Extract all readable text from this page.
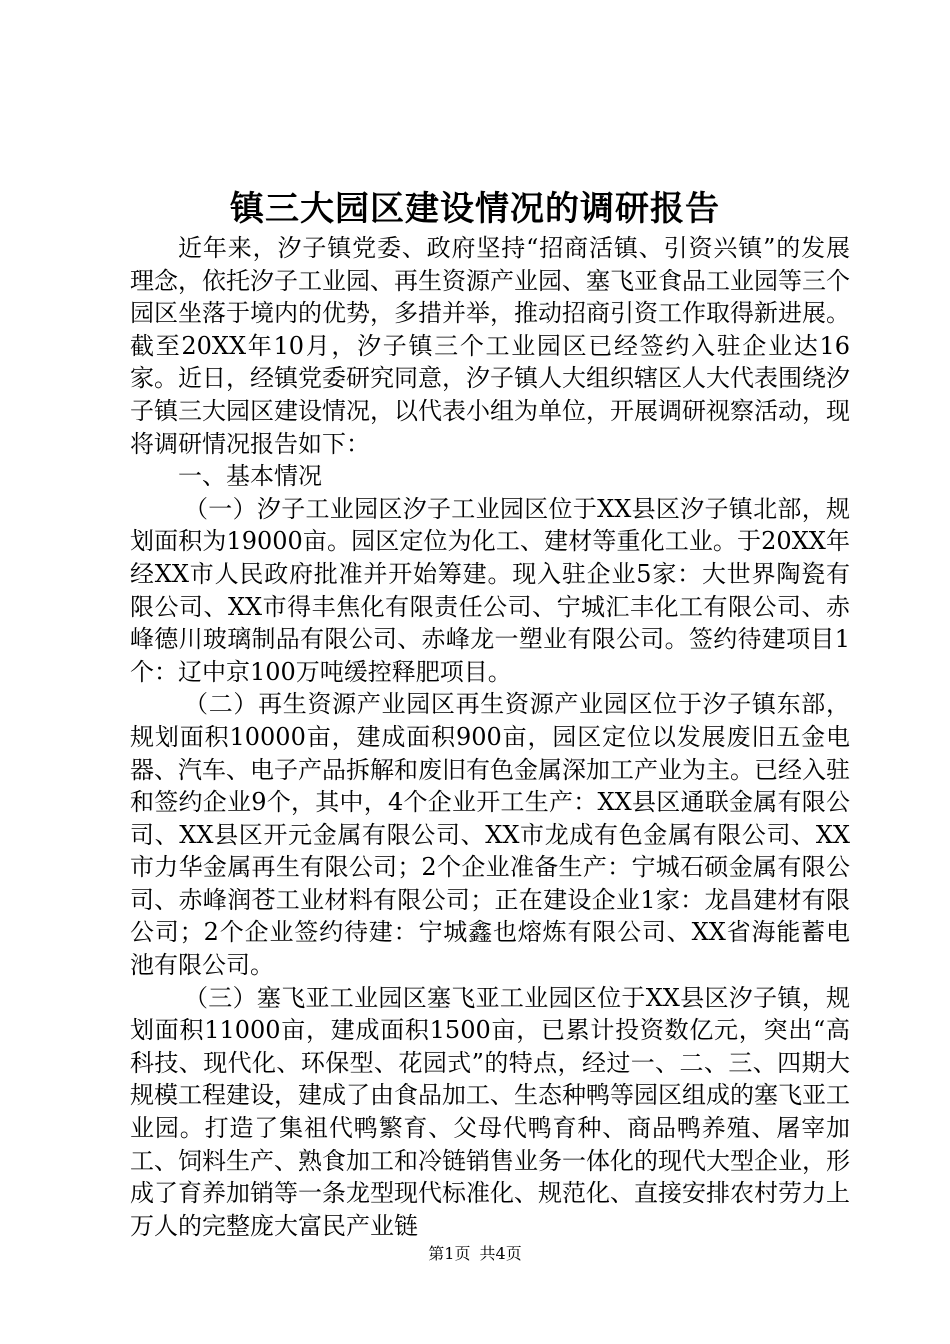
镇三大园区建设情况的调研报告

近年来，汐子镇党委、政府坚持“招商活镇、引资兴镇”的发展理念，依托汐子工业园、再生资源产业园、塞飞亚食品工业园等三个园区坐落于境内的优势，多措并举，推动招商引资工作取得新进展。截至20XX年10月，汐子镇三个工业园区已经签约入驻企业达16家。近日，经镇党委研究同意，汐子镇人大组织辖区人大代表围绕汐子镇三大园区建设情况，以代表小组为单位，开展调研视察活动，现将调研情况报告如下：

一、基本情况

（一）汐子工业园区汐子工业园区位于XX县区汐子镇北部，规划面积为19000亩。园区定位为化工、建材等重化工业。于20XX年经XX市人民政府批准并开始筹建。现入驻企业5家：大世界陶瓷有限公司、XX市得丰焦化有限责任公司、宁城汇丰化工有限公司、赤峰德川玻璃制品有限公司、赤峰龙一塑业有限公司。签约待建项目1个：辽中京100万吨缓控释肥项目。

（二）再生资源产业园区再生资源产业园区位于汐子镇东部，规划面积10000亩，建成面积900亩，园区定位以发展废旧五金电器、汽车、电子产品拆解和废旧有色金属深加工产业为主。已经入驻和签约企业9个，其中，4个企业开工生产：XX县区通联金属有限公司、XX县区开元金属有限公司、XX市龙成有色金属有限公司、XX市力华金属再生有限公司；2个企业准备生产：宁城石硕金属有限公司、赤峰润苍工业材料有限公司；正在建设企业1家：龙昌建材有限公司；2个企业签约待建：宁城鑫也熔炼有限公司、XX省海能蓄电池有限公司。

（三）塞飞亚工业园区塞飞亚工业园区位于XX县区汐子镇，规划面积11000亩，建成面积1500亩，已累计投资数亿元，突出“高科技、现代化、环保型、花园式”的特点，经过一、二、三、四期大规模工程建设，建成了由食品加工、生态种鸭等园区组成的塞飞亚工业园。打造了集祖代鸭繁育、父母代鸭育种、商品鸭养殖、屠宰加工、饲料生产、熟食加工和冷链销售业务一体化的现代大型企业，形成了育养加销等一条龙型现代标准化、规范化、直接安排农村劳力上万人的完整庞大富民产业链

第1页 共4页
